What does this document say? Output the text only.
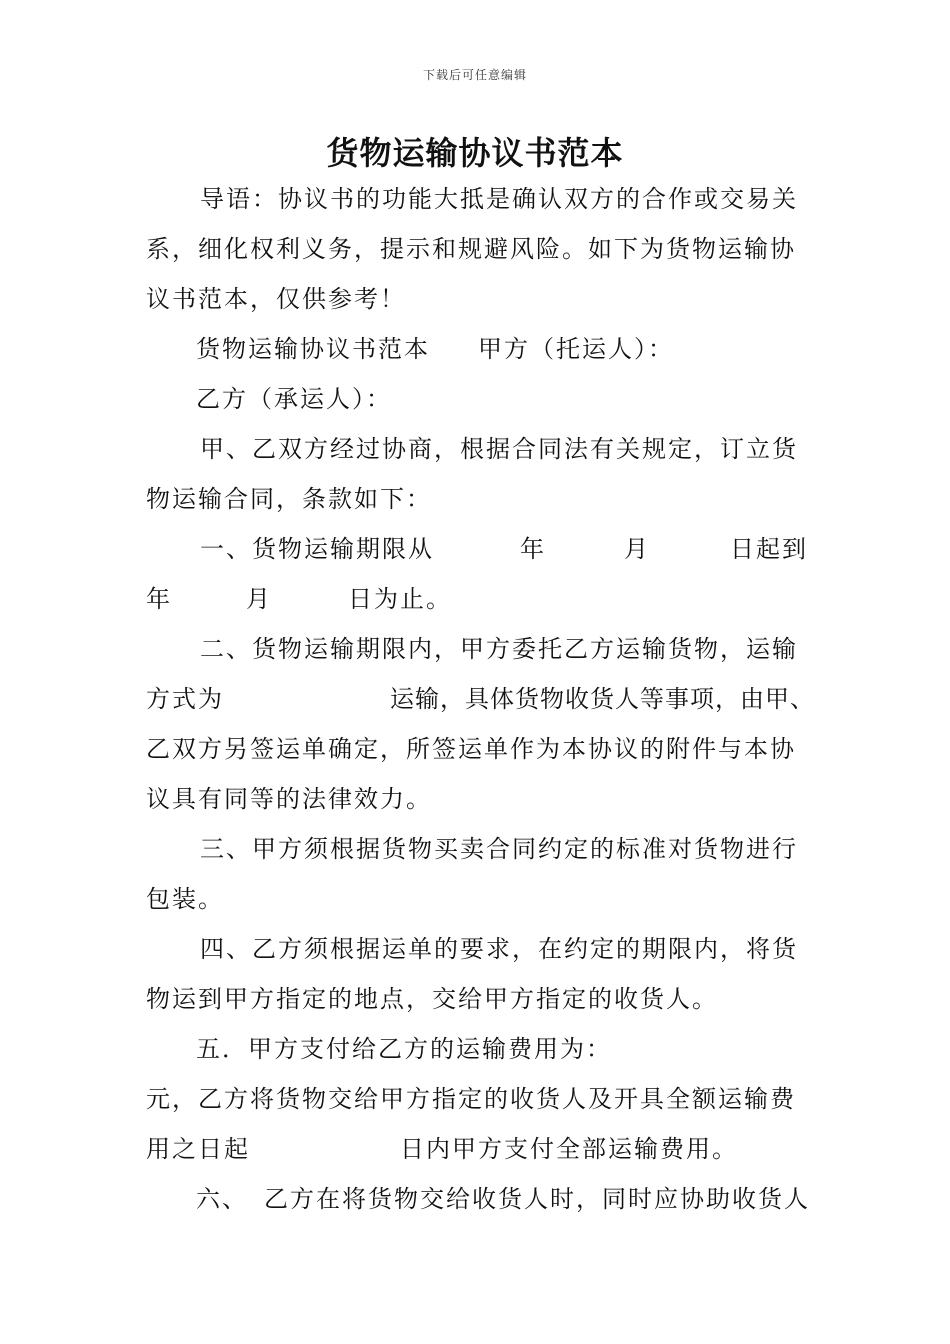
下载后可任意编辑
货物运输协议书范本
导语：协议书的功能大抵是确认双方的合作或交易关
系，细化权利义务，提示和规避风险。如下为货物运输协
议书范本，仅供参考！
货物运输协议书范本 甲方（托运人）：
乙方（承运人）：
甲、乙双方经过协商，根据合同法有关规定，订立货
物运输合同，条款如下：
一、货物运输期限从	年	月	日起到
年	月	日为止。
二、货物运输期限内，甲方委托乙方运输货物，运输
方式为	运输，具体货物收货人等事项，由甲、
乙双方另签运单确定，所签运单作为本协议的附件与本协
议具有同等的法律效力。
三、甲方须根据货物买卖合同约定的标准对货物进行
包装。
四、乙方须根据运单的要求，在约定的期限内，将货
物运到甲方指定的地点，交给甲方指定的收货人。
五．甲方支付给乙方的运输费用为：
元，乙方将货物交给甲方指定的收货人及开具全额运输费
用之日起	日内甲方支付全部运输费用。
六、 乙方在将货物交给收货人时，同时应协助收货人
